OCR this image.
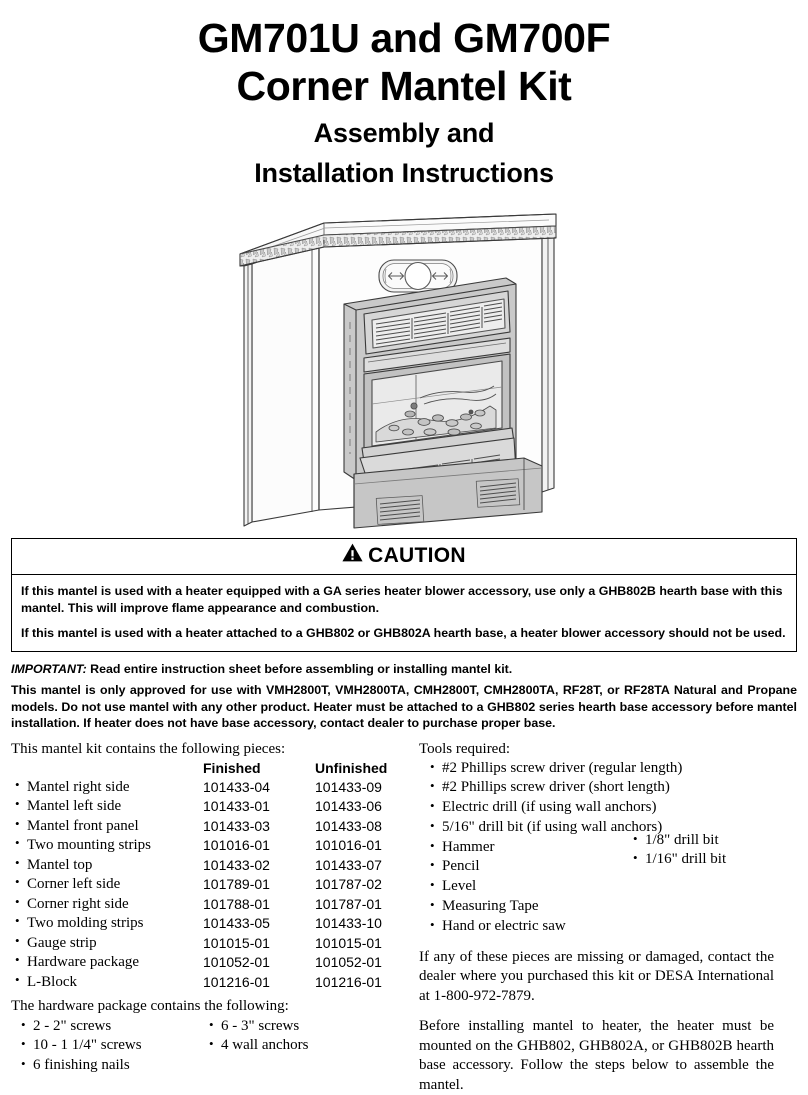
GM701U and GM700F
Corner Mantel Kit
Assembly and
Installation Instructions
CAUTION

If this mantel is used with a heater equipped with a GA series heater blower accessory, use only a GHB802B hearth base with this mantel. This will improve flame appearance and combustion.

If this mantel is used with a heater attached to a GHB802 or GHB802A hearth base, a heater blower accessory should not be used.

IMPORTANT: Read entire instruction sheet before assembling or installing mantel kit.
This mantel is only approved for use with VMH2800T, VMH2800TA, CMH2800T, CMH2800TA, RF28T, or RF28TA Natural and Propane models. Do not use mantel with any other product. Heater must be attached to a GHB802 series hearth base accessory before mantel installation. If heater does not have base accessory, contact dealer to purchase proper base.
This mantel kit contains the following pieces:
	Finished	Unfinished
• Mantel right side	101433-04	101433-09
• Mantel left side	101433-01	101433-06
• Mantel front panel	101433-03	101433-08
• Two mounting strips	101016-01	101016-01
• Mantel top	101433-02	101433-07
• Corner left side	101789-01	101787-02
• Corner right side	101788-01	101787-01
• Two molding strips	101433-05	101433-10
• Gauge strip	101015-01	101015-01
• Hardware package	101052-01	101052-01
• L-Block	101216-01	101216-01
The hardware package contains the following:
• 2 - 2" screws
• 10 - 1 1/4" screws
• 6 finishing nails
• 6 - 3" screws
• 4 wall anchors
Tools required:
• #2 Phillips screw driver (regular length)
• #2 Phillips screw driver (short length)
• Electric drill (if using wall anchors)
• 5/16" drill bit (if using wall anchors)
• Hammer
• Pencil
• Level
• Measuring Tape
• Hand or electric saw
• 1/8" drill bit
• 1/16" drill bit
If any of these pieces are missing or damaged, contact the dealer where you purchased this kit or DESA International at 1-800-972-7879.
Before installing mantel to heater, the heater must be mounted on the GHB802, GHB802A, or GHB802B hearth base accessory. Follow the steps below to assemble the mantel.
